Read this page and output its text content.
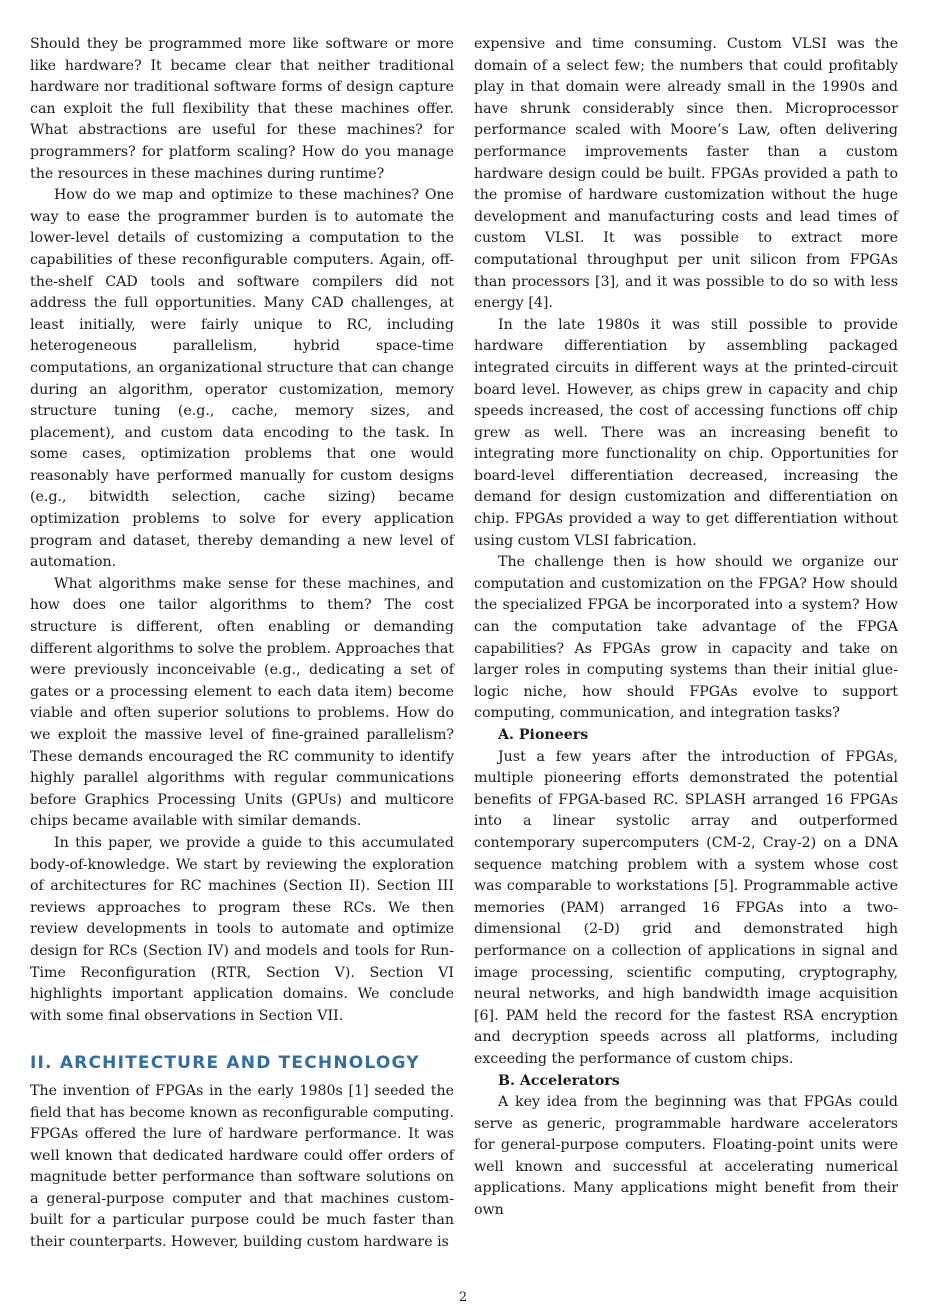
Should they be programmed more like software or more like hardware? It became clear that neither traditional hardware nor traditional software forms of design capture can exploit the full flexibility that these machines offer. What abstractions are useful for these machines? for programmers? for platform scaling? How do you manage the resources in these machines during runtime?

How do we map and optimize to these machines? One way to ease the programmer burden is to automate the lower-level details of customizing a computation to the capabilities of these reconfigurable computers. Again, off-the-shelf CAD tools and software compilers did not address the full opportunities. Many CAD challenges, at least initially, were fairly unique to RC, including heterogeneous parallelism, hybrid space-time computations, an organizational structure that can change during an algorithm, operator customization, memory structure tuning (e.g., cache, memory sizes, and placement), and custom data encoding to the task. In some cases, optimization problems that one would reasonably have performed manually for custom designs (e.g., bitwidth selection, cache sizing) became optimization problems to solve for every application program and dataset, thereby demanding a new level of automation.

What algorithms make sense for these machines, and how does one tailor algorithms to them? The cost structure is different, often enabling or demanding different algorithms to solve the problem. Approaches that were previously inconceivable (e.g., dedicating a set of gates or a processing element to each data item) become viable and often superior solutions to problems. How do we exploit the massive level of fine-grained parallelism? These demands encouraged the RC community to identify highly parallel algorithms with regular communications before Graphics Processing Units (GPUs) and multicore chips became available with similar demands.

In this paper, we provide a guide to this accumulated body-of-knowledge. We start by reviewing the exploration of architectures for RC machines (Section II). Section III reviews approaches to program these RCs. We then review developments in tools to automate and optimize design for RCs (Section IV) and models and tools for Run-Time Reconfiguration (RTR, Section V). Section VI highlights important application domains. We conclude with some final observations in Section VII.

II. ARCHITECTURE AND TECHNOLOGY

The invention of FPGAs in the early 1980s [1] seeded the field that has become known as reconfigurable computing. FPGAs offered the lure of hardware performance. It was well known that dedicated hardware could offer orders of magnitude better performance than software solutions on a general-purpose computer and that machines custom-built for a particular purpose could be much faster than their counterparts. However, building custom hardware is

expensive and time consuming. Custom VLSI was the domain of a select few; the numbers that could profitably play in that domain were already small in the 1990s and have shrunk considerably since then. Microprocessor performance scaled with Moore’s Law, often delivering performance improvements faster than a custom hardware design could be built. FPGAs provided a path to the promise of hardware customization without the huge development and manufacturing costs and lead times of custom VLSI. It was possible to extract more computational throughput per unit silicon from FPGAs than processors [3], and it was possible to do so with less energy [4].

In the late 1980s it was still possible to provide hardware differentiation by assembling packaged integrated circuits in different ways at the printed-circuit board level. However, as chips grew in capacity and chip speeds increased, the cost of accessing functions off chip grew as well. There was an increasing benefit to integrating more functionality on chip. Opportunities for board-level differentiation decreased, increasing the demand for design customization and differentiation on chip. FPGAs provided a way to get differentiation without using custom VLSI fabrication.

The challenge then is how should we organize our computation and customization on the FPGA? How should the specialized FPGA be incorporated into a system? How can the computation take advantage of the FPGA capabilities? As FPGAs grow in capacity and take on larger roles in computing systems than their initial glue-logic niche, how should FPGAs evolve to support computing, communication, and integration tasks?

A. Pioneers

Just a few years after the introduction of FPGAs, multiple pioneering efforts demonstrated the potential benefits of FPGA-based RC. SPLASH arranged 16 FPGAs into a linear systolic array and outperformed contemporary supercomputers (CM-2, Cray-2) on a DNA sequence matching problem with a system whose cost was comparable to workstations [5]. Programmable active memories (PAM) arranged 16 FPGAs into a two-dimensional (2-D) grid and demonstrated high performance on a collection of applications in signal and image processing, scientific computing, cryptography, neural networks, and high bandwidth image acquisition [6]. PAM held the record for the fastest RSA encryption and decryption speeds across all platforms, including exceeding the performance of custom chips.

B. Accelerators

A key idea from the beginning was that FPGAs could serve as generic, programmable hardware accelerators for general-purpose computers. Floating-point units were well known and successful at accelerating numerical applications. Many applications might benefit from their own

2
